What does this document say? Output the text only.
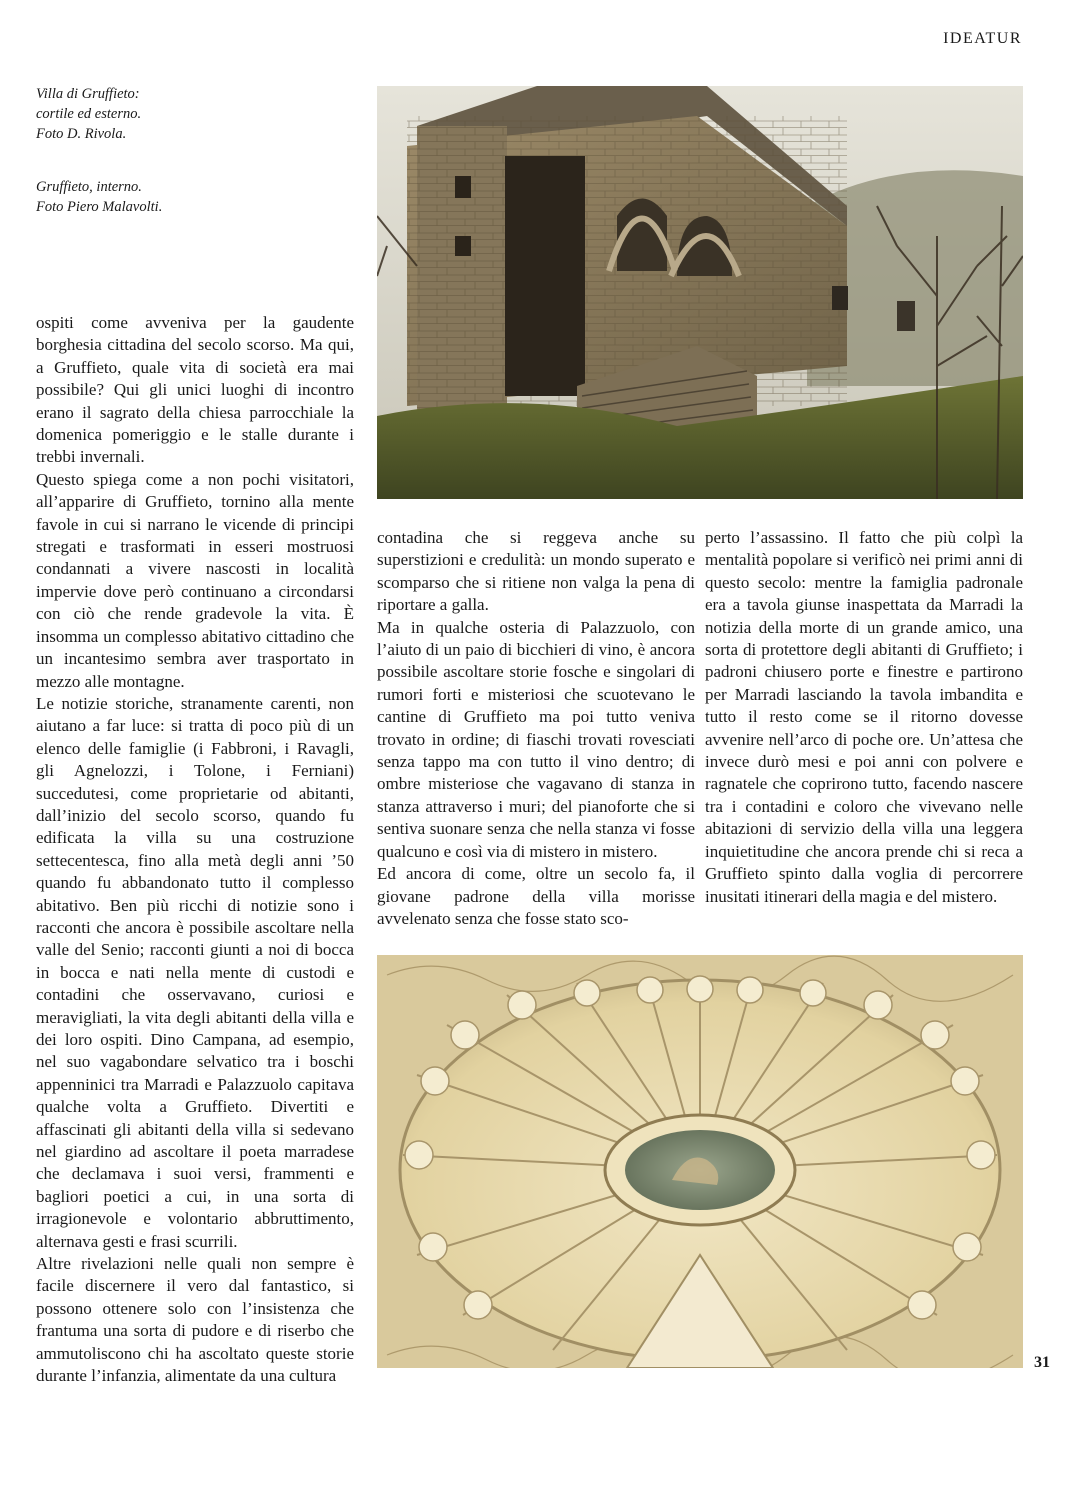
IDEATUR
Villa di Gruffieto:
cortile ed esterno.
Foto D. Rivola.
Gruffieto, interno.
Foto Piero Malavolti.

ospiti come avveniva per la gaudente borghesia cittadina del secolo scorso. Ma qui, a Gruffieto, quale vita di società era mai possibile? Qui gli unici luoghi di incontro erano il sagrato della chiesa parrocchiale la domenica pomeriggio e le stalle durante i trebbi invernali.

Questo spiega come a non pochi visitatori, all’apparire di Gruffieto, tornino alla mente favole in cui si narrano le vicende di principi stregati e trasformati in esseri mostruosi condannati a vivere nascosti in località impervie dove però continuano a circondarsi con ciò che rende gradevole la vita. È insomma un complesso abitativo cittadino che un incantesimo sembra aver trasportato in mezzo alle montagne.

Le notizie storiche, stranamente carenti, non aiutano a far luce: si tratta di poco più di un elenco delle famiglie (i Fabbroni, i Ravagli, gli Agnelozzi, i Tolone, i Ferniani) succedutesi, come proprietarie od abitanti, dall’inizio del secolo scorso, quando fu edificata la villa su una costruzione settecentesca, fino alla metà degli anni ’50 quando fu abbandonato tutto il complesso abitativo. Ben più ricchi di notizie sono i racconti che ancora è possibile ascoltare nella valle del Senio; racconti giunti a noi di bocca in bocca e nati nella mente di custodi e contadini che osservavano, curiosi e meravigliati, la vita degli abitanti della villa e dei loro ospiti. Dino Campana, ad esempio, nel suo vagabondare selvatico tra i boschi appenninici tra Marradi e Palazzuolo capitava qualche volta a Gruffieto. Divertiti e affascinati gli abitanti della villa si sedevano nel giardino ad ascoltare il poeta marradese che declamava i suoi versi, frammenti e bagliori poetici a cui, in una sorta di irragionevole e volontario abbruttimento, alternava gesti e frasi scurrili.

Altre rivelazioni nelle quali non sempre è facile discernere il vero dal fantastico, si possono ottenere solo con l’insistenza che frantuma una sorta di pudore e di riserbo che ammutoliscono chi ha ascoltato queste storie durante l’infanzia, alimentate da una cultura

contadina che si reggeva anche su superstizioni e credulità: un mondo superato e scomparso che si ritiene non valga la pena di riportare a galla.

Ma in qualche osteria di Palazzuolo, con l’aiuto di un paio di bicchieri di vino, è ancora possibile ascoltare storie fosche e singolari di rumori forti e misteriosi che scuotevano le cantine di Gruffieto ma poi tutto veniva trovato in ordine; di fiaschi trovati rovesciati senza tappo ma con tutto il vino dentro; di ombre misteriose che vagavano di stanza in stanza attraverso i muri; del pianoforte che si sentiva suonare senza che nella stanza vi fosse qualcuno e così via di mistero in mistero.

Ed ancora di come, oltre un secolo fa, il giovane padrone della villa morisse avvelenato senza che fosse stato sco-

perto l’assassino. Il fatto che più colpì la mentalità popolare si verificò nei primi anni di questo secolo: mentre la famiglia padronale era a tavola giunse inaspettata da Marradi la notizia della morte di un grande amico, una sorta di protettore degli abitanti di Gruffieto; i padroni chiusero porte e finestre e partirono per Marradi lasciando la tavola imbandita e tutto il resto come se il ritorno dovesse avvenire nell’arco di poche ore. Un’attesa che invece durò mesi e poi anni con polvere e ragnatele che coprirono tutto, facendo nascere tra i contadini e coloro che vivevano nelle abitazioni di servizio della villa una leggera inquietitudine che ancora prende chi si reca a Gruffieto spinto dalla voglia di percorrere inusitati itinerari della magia e del mistero.

31
